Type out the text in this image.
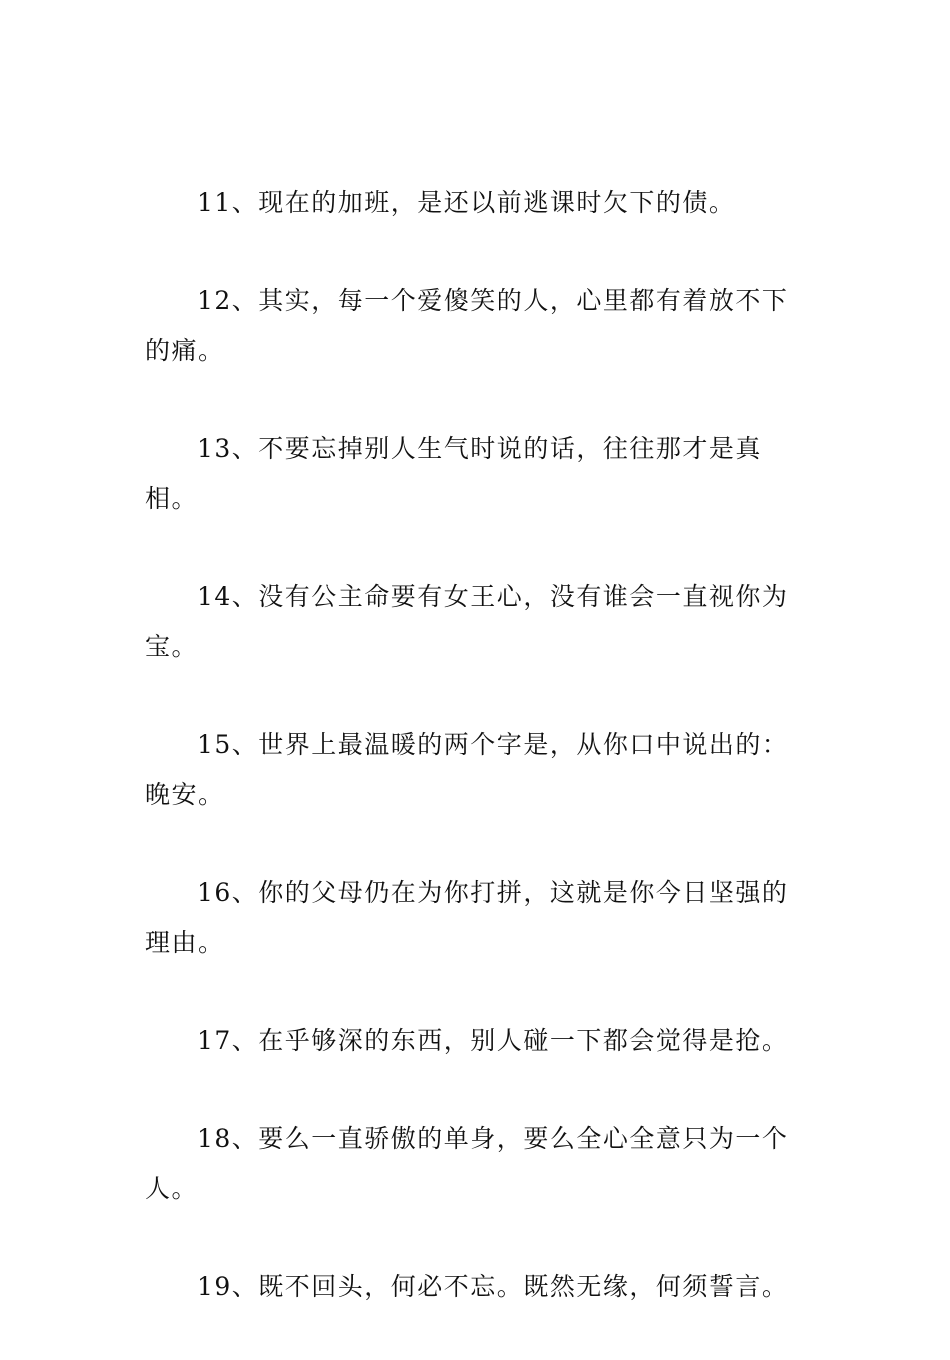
11、现在的加班，是还以前逃课时欠下的债。

12、其实，每一个爱傻笑的人，心里都有着放不下的痛。

13、不要忘掉别人生气时说的话，往往那才是真相。

14、没有公主命要有女王心，没有谁会一直视你为宝。

15、世界上最温暖的两个字是，从你口中说出的：晚安。

16、你的父母仍在为你打拼，这就是你今日坚强的理由。

17、在乎够深的东西，别人碰一下都会觉得是抢。

18、要么一直骄傲的单身，要么全心全意只为一个人。

19、既不回头，何必不忘。既然无缘，何须誓言。
